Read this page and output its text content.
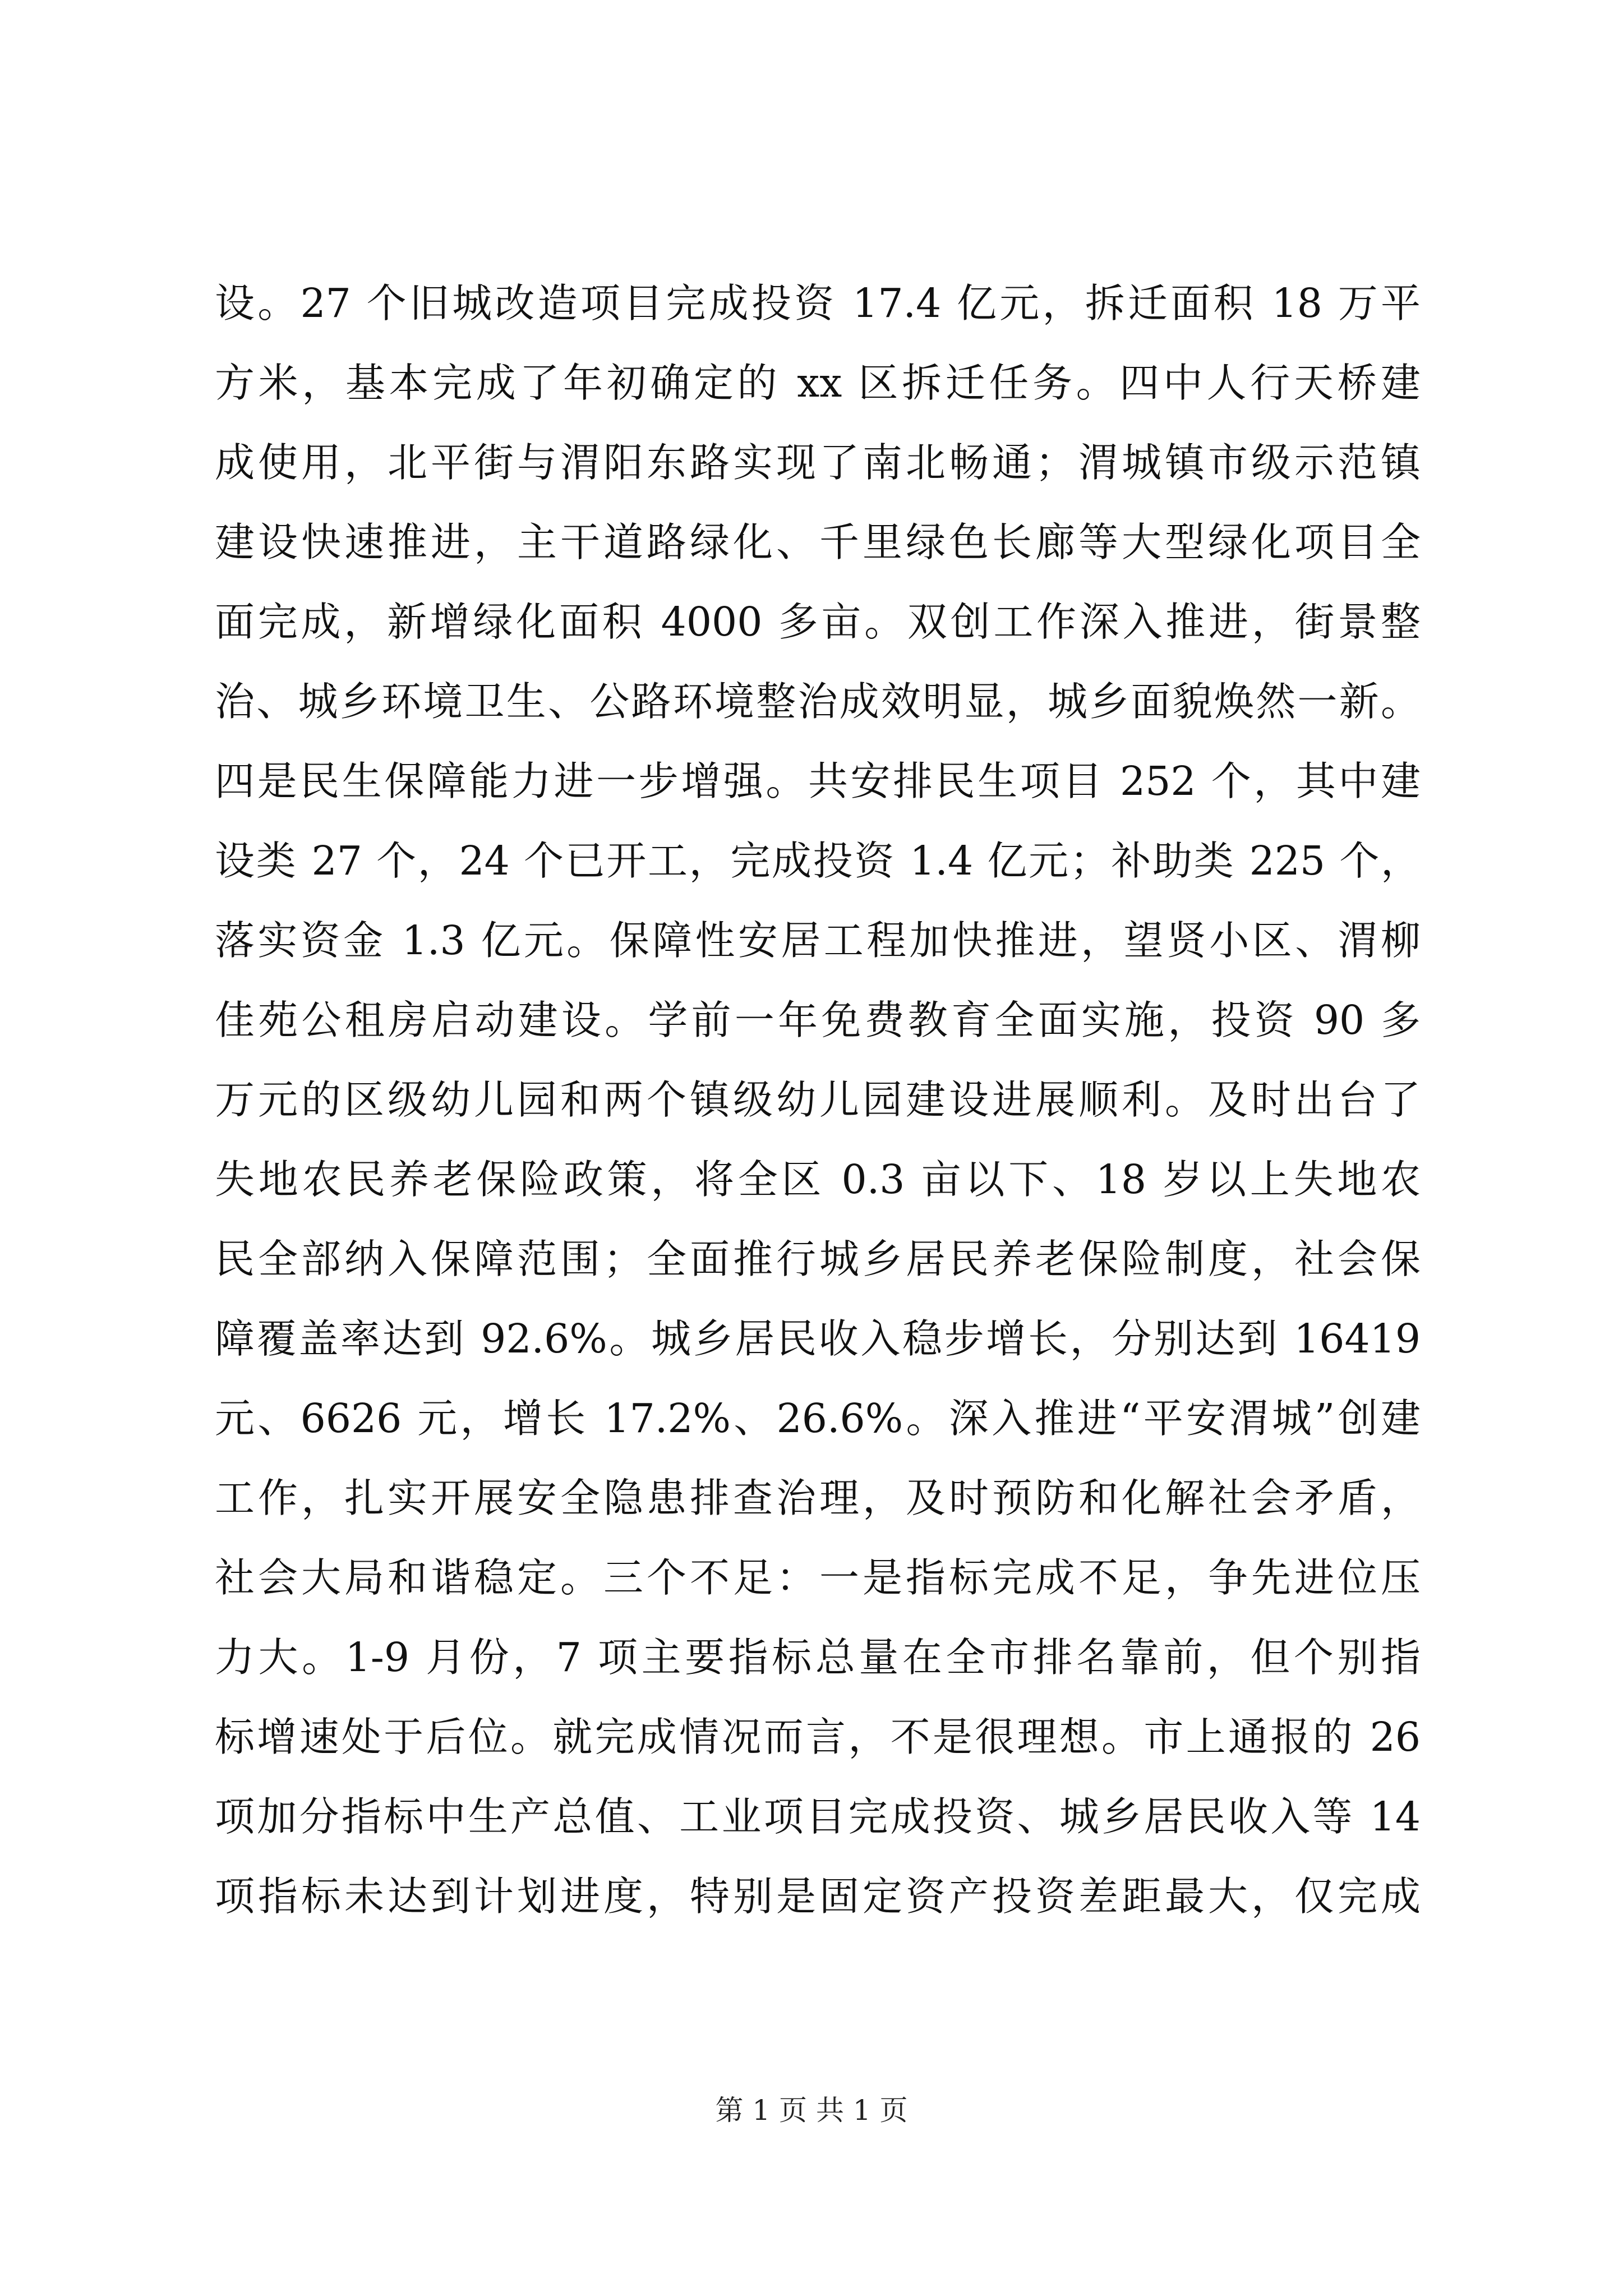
设。27 个旧城改造项目完成投资 17.4 亿元，拆迁面积 18 万平
方米，基本完成了年初确定的 xx 区拆迁任务。四中人行天桥建
成使用，北平街与渭阳东路实现了南北畅通；渭城镇市级示范镇
建设快速推进，主干道路绿化、千里绿色长廊等大型绿化项目全
面完成，新增绿化面积 4000 多亩。双创工作深入推进，街景整
治、城乡环境卫生、公路环境整治成效明显，城乡面貌焕然一新。
四是民生保障能力进一步增强。共安排民生项目 252 个，其中建
设类 27 个，24 个已开工，完成投资 1.4 亿元；补助类 225 个，
落实资金 1.3 亿元。保障性安居工程加快推进，望贤小区、渭柳
佳苑公租房启动建设。学前一年免费教育全面实施，投资 90 多
万元的区级幼儿园和两个镇级幼儿园建设进展顺利。及时出台了
失地农民养老保险政策，将全区 0.3 亩以下、18 岁以上失地农
民全部纳入保障范围；全面推行城乡居民养老保险制度，社会保
障覆盖率达到 92.6%。城乡居民收入稳步增长，分别达到 16419
元、6626 元，增长 17.2%、26.6%。深入推进“平安渭城”创建
工作，扎实开展安全隐患排查治理，及时预防和化解社会矛盾，
社会大局和谐稳定。三个不足：一是指标完成不足，争先进位压
力大。1-9 月份，7 项主要指标总量在全市排名靠前，但个别指
标增速处于后位。就完成情况而言，不是很理想。市上通报的 26
项加分指标中生产总值、工业项目完成投资、城乡居民收入等 14
项指标未达到计划进度，特别是固定资产投资差距最大，仅完成
第 1 页 共 1 页
